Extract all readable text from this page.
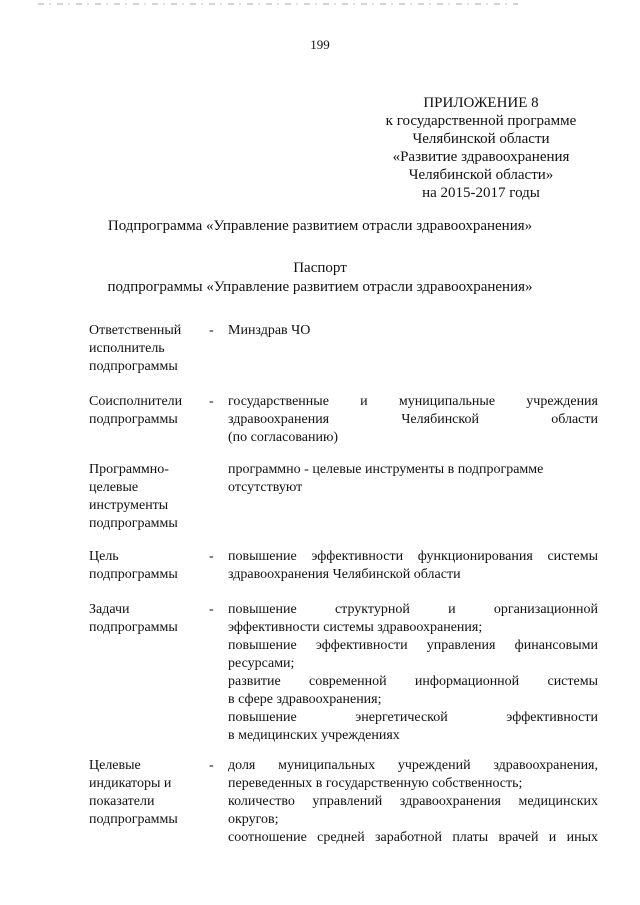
199
ПРИЛОЖЕНИЕ 8
к государственной программе
Челябинской области
«Развитие здравоохранения
Челябинской области»
на 2015-2017 годы
Подпрограмма «Управление развитием отрасли здравоохранения»
Паспорт
подпрограммы «Управление развитием отрасли здравоохранения»
Ответственный
исполнитель
подпрограммы
- Минздрав ЧО
Соисполнители
подпрограммы
- государственные и муниципальные учреждения
здравоохранения Челябинской области
(по согласованию)
Программно-
целевые
инструменты
подпрограммы
программно - целевые инструменты в подпрограмме
отсутствуют
Цель
подпрограммы
- повышение эффективности функционирования системы
здравоохранения Челябинской области
Задачи
подпрограммы
- повышение структурной и организационной
эффективности системы здравоохранения;
повышение эффективности управления финансовыми
ресурсами;
развитие современной информационной системы
в сфере здравоохранения;
повышение энергетической эффективности
в медицинских учреждениях
Целевые
индикаторы и
показатели
подпрограммы
- доля муниципальных учреждений здравоохранения,
переведенных в государственную собственность;
количество управлений здравоохранения медицинских
округов;
соотношение средней заработной платы врачей и иных
